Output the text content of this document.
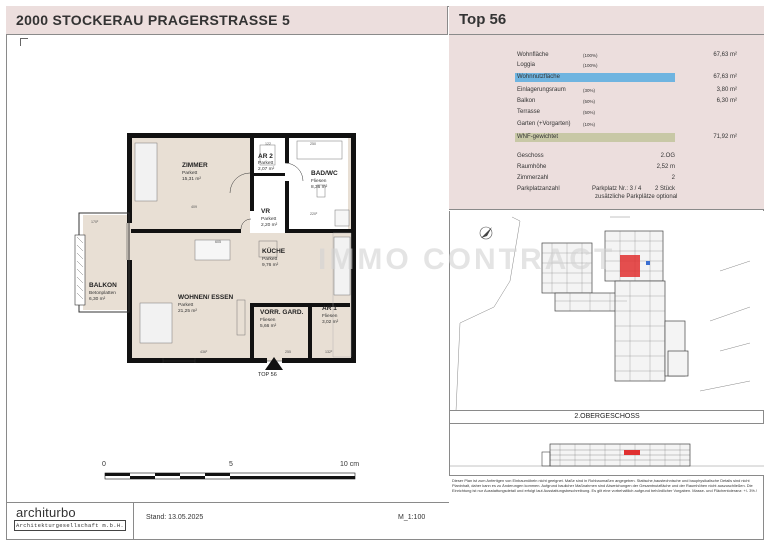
2000 STOCKERAU PRAGERSTRASSE 5	Top 56
Wohnfläche	(100%)	67,63 m²
Loggia	(100%)
Wohnnutzfläche	67,63 m²
Einlagerungsraum	(30%)	3,80 m²
Balkon	(50%)	6,30 m²
Terrasse	(50%)
Garten (+Vorgarten)	(10%)
WNF-gewichtet	71,92 m²
Geschoss	2.OG
Raumhöhe	2,52 m
Zimmerzahl	2
Parkplatzanzahl	Parkplatz Nr.: 3 / 4	2 Stück
zusätzliche Parkplätze optional
2.OBERGESCHOSS
Dieser Plan ist zum Anfertigen von Einbaumöbeln nicht geeignet. Maße sind in Rohbaumaßen angegeben. Statische,haustechnische und bauphysikalische Details sind nicht Planinhalt, daher kann es zu Änderungen kommen. Aufgrund baulicher Maßnahmen sind Abweichungen der Gesamtnutzfläche und der Raumhöhen nicht auszuschließen. Die Einrichtung ist nur Ausstattungsdetail und erfolgt laut Ausstattungsbeschreibung. Es gilt eine vorbehaltlich aufgrund behördlicher Vorgaben. Masse- und Flächentoleranz: +/- 3%.!
409
122	250
220²
605
436²	255	132²
170²
ZIMMER
Parkett
15,31 m²
AR 2
Parkett
2,07 m²
BAD/WC
Fliesen
8,36 m²
VR
Parkett
2,20 m²
KÜCHE
Parkett
9,76 m²
WOHNEN/ ESSEN
Parkett
21,25 m²	VORR. GARD.
Fliesen
5,66 m²
AR 1
Fliesen
3,02 m²
BALKON
Betonplatten
6,30 m²
TOP 56
IMMO CONTRACT
0	5	10 cm
architurbo
Architekturgesellschaft m.b.H.
Stand: 13.05.2025	M_1:100
